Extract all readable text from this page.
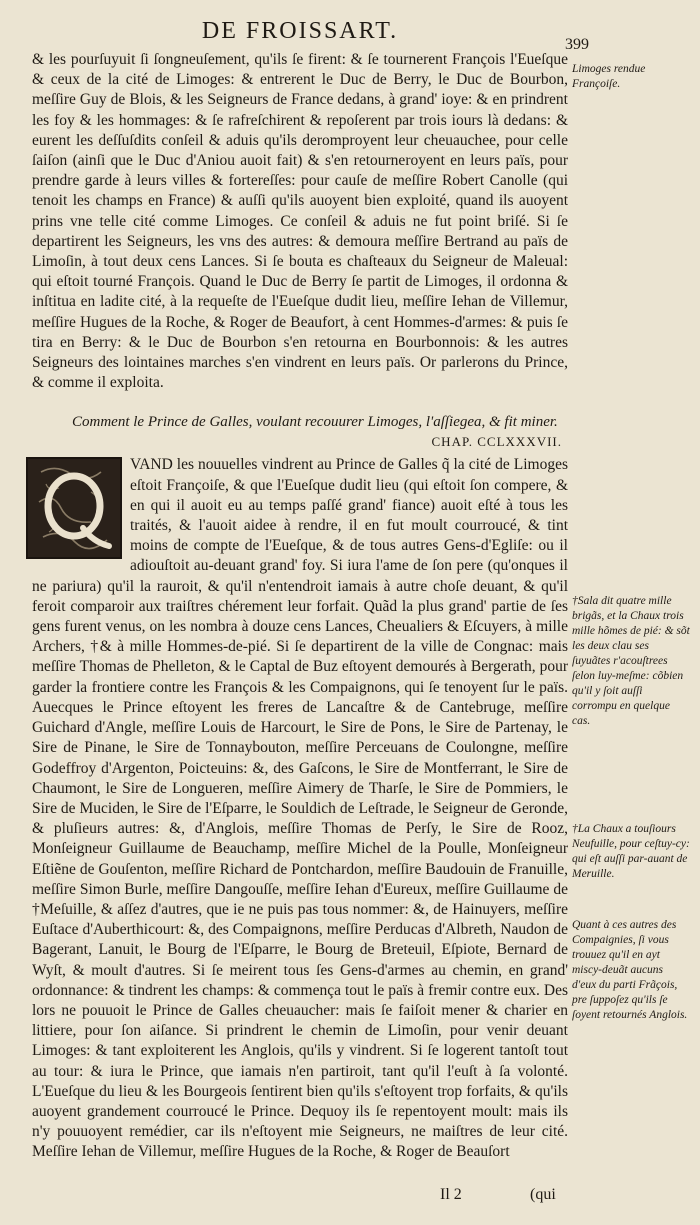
DE FROISSART.
399

& les pourſuyuit ſi ſongneuſement, qu'ils ſe firent: & ſe tournerent François l'Eueſque & ceux de la cité de Limoges: & entrerent le Duc de Berry, le Duc de Bourbon, meſſire Guy de Blois, & les Seigneurs de France dedans, à grand' ioye: & en prindrent les foy & les hommages: & ſe rafreſchirent & repoſerent par trois iours là dedans: & eurent les deſſuſdits conſeil & aduis qu'ils deromproyent leur cheuauchee, pour celle ſaiſon (ainſi que le Duc d'Aniou auoit fait) & s'en retourneroyent en leurs païs, pour prendre garde à leurs villes & fortereſſes: pour cauſe de meſſire Robert Canolle (qui tenoit les champs en France) & auſſi qu'ils auoyent bien exploité, quand ils auoyent prins vne telle cité comme Limoges. Ce conſeil & aduis ne fut point briſé. Si ſe departirent les Seigneurs, les vns des autres: & demoura meſſire Bertrand au païs de Limoſin, à tout deux cens Lances. Si ſe bouta es chaſteaux du Seigneur de Maleual: qui eſtoit tourné François. Quand le Duc de Berry ſe partit de Limoges, il ordonna & inſtitua en ladite cité, à la requeſte de l'Eueſque dudit lieu, meſſire Iehan de Villemur, meſſire Hugues de la Roche, & Roger de Beaufort, à cent Hommes-d'armes: & puis ſe tira en Berry: & le Duc de Bourbon s'en retourna en Bourbonnois: & les autres Seigneurs des lointaines marches s'en vindrent en leurs païs. Or parlerons du Prince, & comme il exploita.

Comment le Prince de Galles, voulant recouurer Limoges, l'aſſiegea, & fit miner.
CHAP. CCLXXXVII.

VAND les nouuelles vindrent au Prince de Galles q̃ la cité de Limoges eſtoit Françoiſe, & que l'Eueſque dudit lieu (qui eſtoit ſon compere, & en qui il auoit eu au temps paſſé grand' fiance) auoit eſté à tous les traités, & l'auoit aidee à rendre, il en fut moult courroucé, & tint moins de compte de l'Eueſque, & de tous autres Gens-d'Egliſe: ou il adiouſtoit au-deuant grand' foy. Si iura l'ame de ſon pere (qu'onques il ne pariura) qu'il la rauroit, & qu'il n'entendroit iamais à autre choſe deuant, & qu'il feroit comparoir aux traiſtres chérement leur forfait. Quãd la plus grand' partie de ſes gens furent venus, on les nombra à douze cens Lances, Cheualiers & Eſcuyers, à mille Archers, †& à mille Hommes-de-pié. Si ſe departirent de la ville de Congnac: mais meſſire Thomas de Phelleton, & le Captal de Buz eſtoyent demourés à Bergerath, pour garder la frontiere contre les François & les Compaignons, qui ſe tenoyent ſur le païs. Auecques le Prince eſtoyent les freres de Lancaſtre & de Cantebruge, meſſire Guichard d'Angle, meſſire Louis de Harcourt, le Sire de Pons, le Sire de Partenay, le Sire de Pinane, le Sire de Tonnaybouton, meſſire Perceuans de Coulongne, meſſire Godeffroy d'Argenton, Poicteuins: &, des Gaſcons, le Sire de Montferrant, le Sire de Chaumont, le Sire de Longueren, meſſire Aimery de Tharſe, le Sire de Pommiers, le Sire de Muciden, le Sire de l'Eſparre, le Souldich de Leſtrade, le Seigneur de Geronde, & pluſieurs autres: &, d'Anglois, meſſire Thomas de Perſy, le Sire de Rooz, Monſeigneur Guillaume de Beauchamp, meſſire Michel de la Poulle, Monſeigneur Eſtiẽne de Gouſenton, meſſire Richard de Pontchardon, meſſire Baudouin de Franuille, meſſire Simon Burle, meſſire Dangouſſe, meſſire Iehan d'Eureux, meſſire Guillaume de †Meſuille, & aſſez d'autres, que ie ne puis pas tous nommer: &, de Hainuyers, meſſire Euſtace d'Auberthicourt: &, des Compaignons, meſſire Perducas d'Albreth, Naudon de Bagerant, Lanuit, le Bourg de l'Eſparre, le Bourg de Breteuil, Eſpiote, Bernard de Wyſt, & moult d'autres. Si ſe meirent tous ſes Gens-d'armes au chemin, en grand' ordonnance: & tindrent les champs: & commença tout le païs à fremir contre eux. Des lors ne pouuoit le Prince de Galles cheuaucher: mais ſe faiſoit mener & charier en littiere, pour ſon aiſance. Si prindrent le chemin de Limoſin, pour venir deuant Limoges: & tant exploiterent les Anglois, qu'ils y vindrent. Si ſe logerent tantoſt tout au tour: & iura le Prince, que iamais n'en partiroit, tant qu'il l'euſt à ſa volonté. L'Eueſque du lieu & les Bourgeois ſentirent bien qu'ils s'eſtoyent trop forfaits, & qu'ils auoyent grandement courroucé le Prince. Dequoy ils ſe repentoyent moult: mais ils n'y pouuoyent remédier, car ils n'eſtoyent mie Seigneurs, ne maiſtres de leur cité. Meſſire Iehan de Villemur, meſſire Hugues de la Roche, & Roger de Beauſort

Limoges rendue Françoiſe.
†Sala dit quatre mille brigãs, et la Chaux trois mille hõmes de pié: & sõt les deux clau ses ſuyuãtes r'acouſtrees ſelon luy-meſme: cõbien qu'il y ſoit auſſi corrompu en quelque cas.
†La Chaux a touſiours Neufuille, pour ceſtuy-cy: qui eſt auſſi par-auant de Meruille.
Quant à ces autres des Compaignies, ſi vous trouuez qu'il en ayt miscy-deuãt aucuns d'eux du parti Frãçois, pre ſuppoſez qu'ils ſe ſoyent retournés Anglois.
Il 2	(qui
